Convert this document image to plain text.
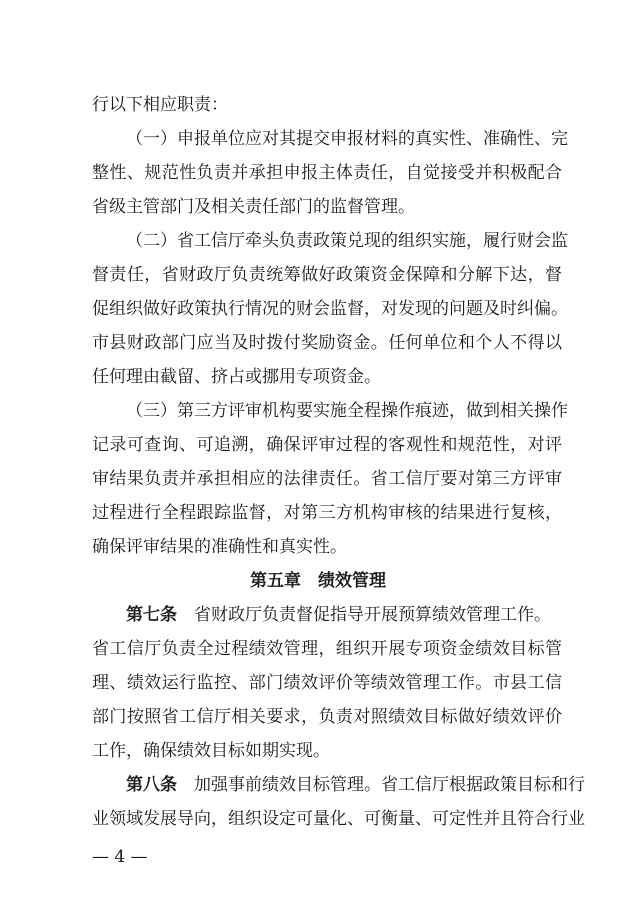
行以下相应职责：
（一）申报单位应对其提交申报材料的真实性、准确性、完
整性、规范性负责并承担申报主体责任，自觉接受并积极配合
省级主管部门及相关责任部门的监督管理。
（二）省工信厅牵头负责政策兑现的组织实施，履行财会监
督责任，省财政厅负责统筹做好政策资金保障和分解下达，督
促组织做好政策执行情况的财会监督，对发现的问题及时纠偏。
市县财政部门应当及时拨付奖励资金。任何单位和个人不得以
任何理由截留、挤占或挪用专项资金。
（三）第三方评审机构要实施全程操作痕迹，做到相关操作
记录可查询、可追溯，确保评审过程的客观性和规范性，对评
审结果负责并承担相应的法律责任。省工信厅要对第三方评审
过程进行全程跟踪监督，对第三方机构审核的结果进行复核，
确保评审结果的准确性和真实性。
第五章　绩效管理
第七条　省财政厅负责督促指导开展预算绩效管理工作。
省工信厅负责全过程绩效管理，组织开展专项资金绩效目标管
理、绩效运行监控、部门绩效评价等绩效管理工作。市县工信
部门按照省工信厅相关要求，负责对照绩效目标做好绩效评价
工作，确保绩效目标如期实现。
第八条　加强事前绩效目标管理。省工信厅根据政策目标和行
业领域发展导向，组织设定可量化、可衡量、可定性并且符合行业
— 4 —
